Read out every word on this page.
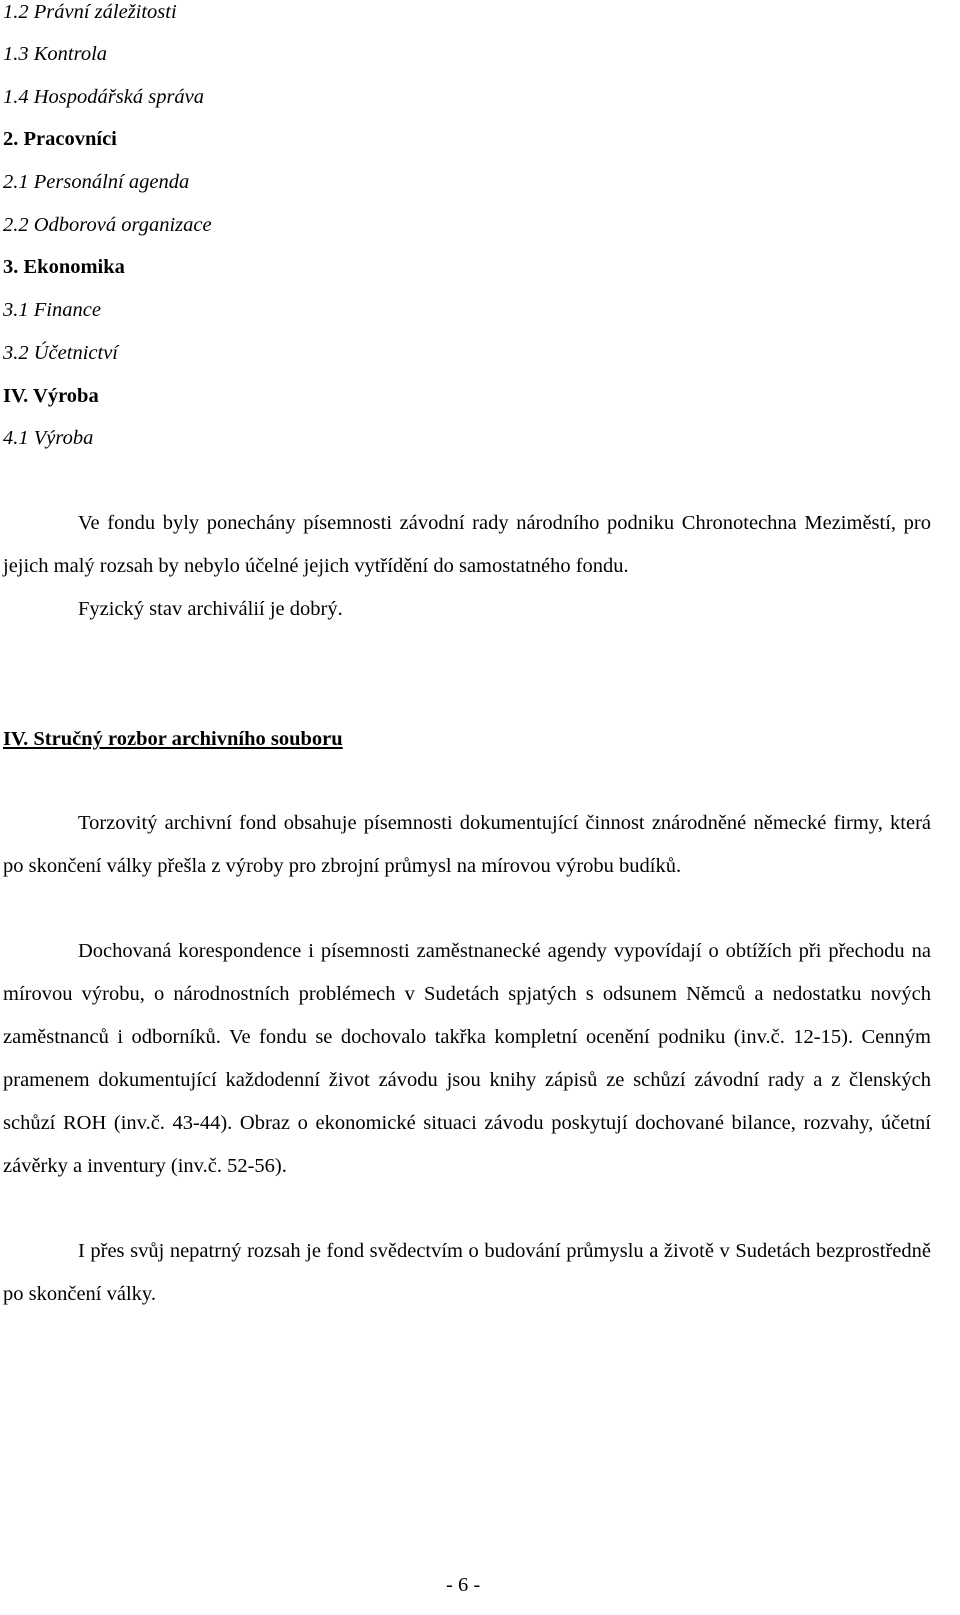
1.2 Právní záležitosti
1.3 Kontrola
1.4 Hospodářská správa
2. Pracovníci
2.1 Personální agenda
2.2 Odborová organizace
3. Ekonomika
3.1 Finance
3.2 Účetnictví
IV. Výroba
4.1 Výroba

Ve fondu byly ponechány písemnosti závodní rady národního podniku Chronotechna Meziměstí, pro jejich malý rozsah by nebylo účelné jejich vytřídění do samostatného fondu.

Fyzický stav archiválií je dobrý.

IV. Stručný rozbor archivního souboru

Torzovitý archivní fond obsahuje písemnosti dokumentující činnost znárodněné německé firmy, která po skončení války přešla z výroby pro zbrojní průmysl na mírovou výrobu budíků.

Dochovaná korespondence i písemnosti zaměstnanecké agendy vypovídají o obtížích při přechodu na mírovou výrobu, o národnostních problémech v Sudetách spjatých s odsunem Němců a nedostatku nových zaměstnanců i odborníků. Ve fondu se dochovalo takřka kompletní ocenění podniku (inv.č. 12-15). Cenným pramenem dokumentující každodenní život závodu jsou knihy zápisů ze schůzí závodní rady a z členských schůzí ROH (inv.č. 43-44). Obraz o ekonomické situaci závodu poskytují dochované bilance, rozvahy, účetní závěrky a inventury (inv.č. 52-56).

I přes svůj nepatrný rozsah je fond svědectvím o budování průmyslu a životě v Sudetách bezprostředně po skončení války.

- 6 -
